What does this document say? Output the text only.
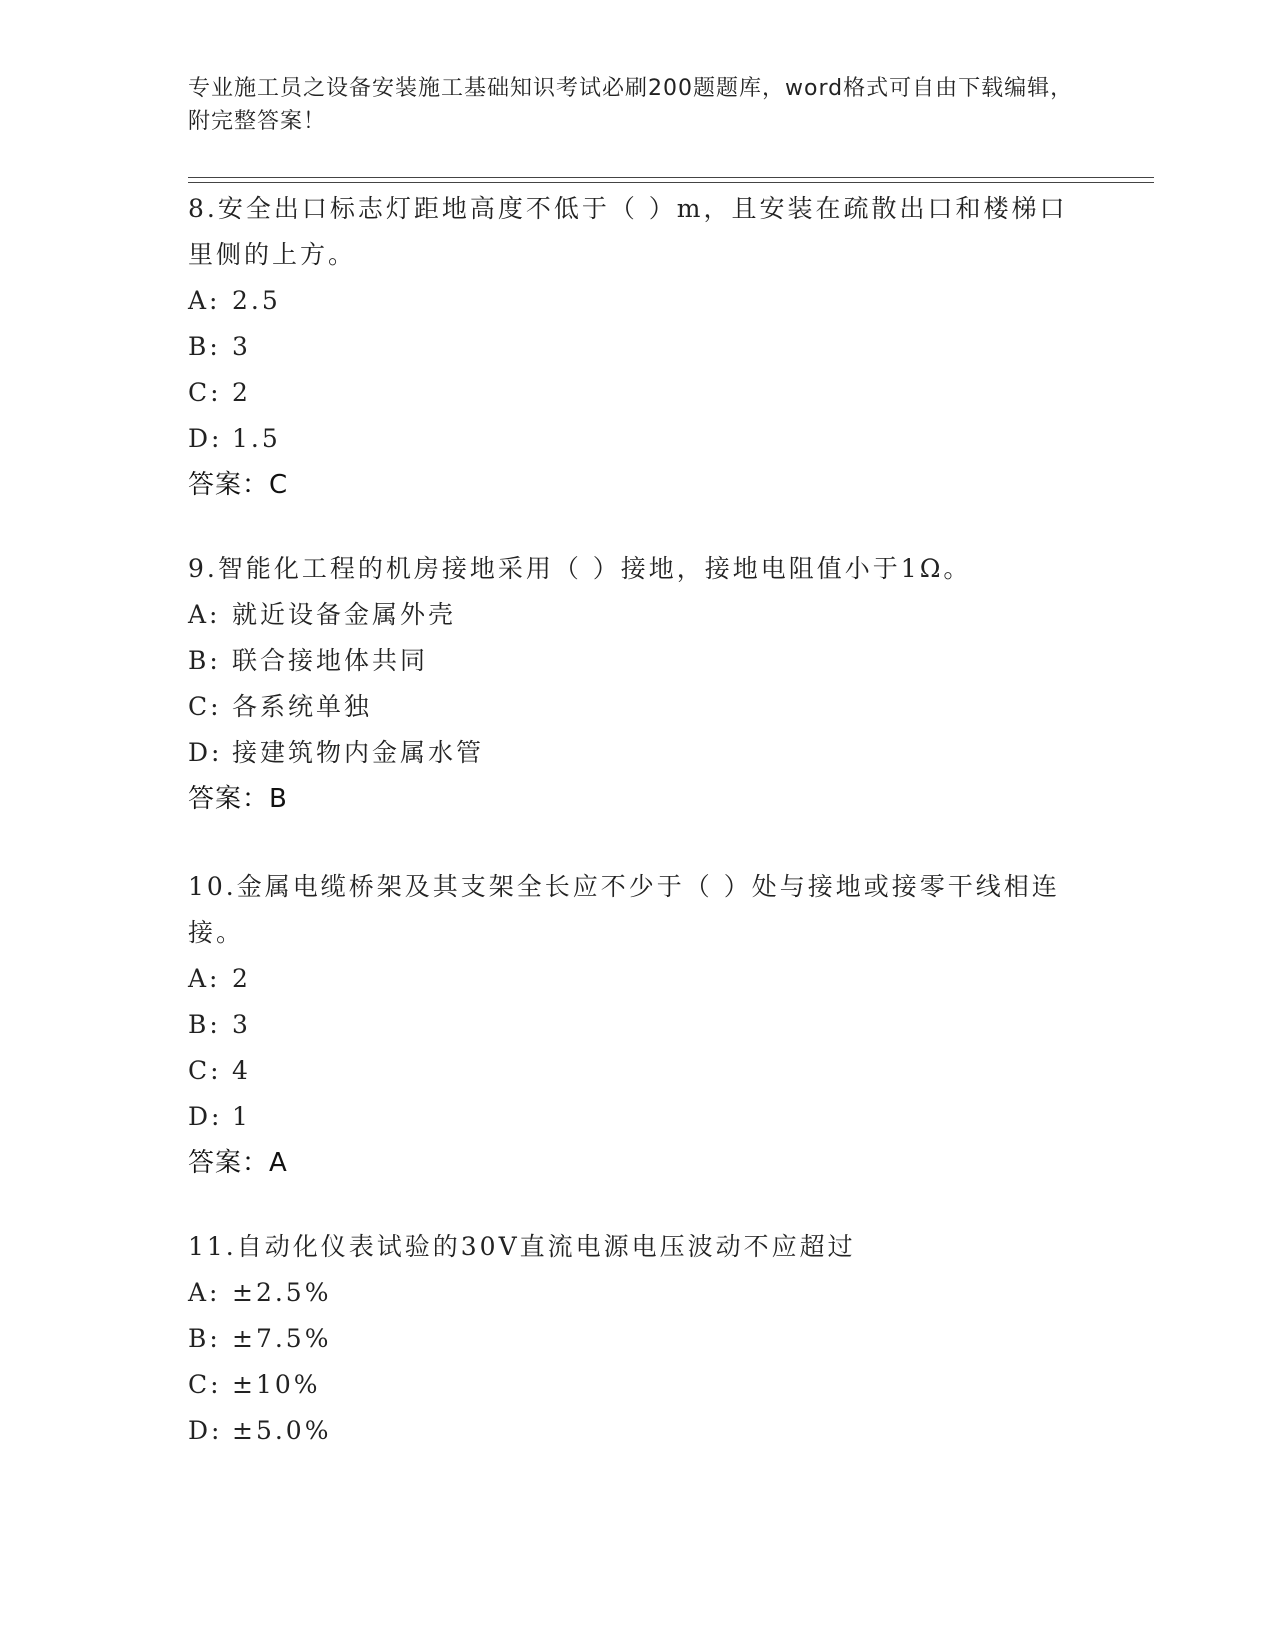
专业施工员之设备安装施工基础知识考试必刷200题题库，word格式可自由下载编辑，附完整答案！
8.安全出口标志灯距地高度不低于（ ）m，且安装在疏散出口和楼梯口里侧的上方。
A: 2.5
B: 3
C: 2
D: 1.5
答案：C
9.智能化工程的机房接地采用（ ）接地，接地电阻值小于1Ω。
A: 就近设备金属外壳
B: 联合接地体共同
C: 各系统单独
D: 接建筑物内金属水管
答案：B
10.金属电缆桥架及其支架全长应不少于（ ）处与接地或接零干线相连接。
A: 2
B: 3
C: 4
D: 1
答案：A
11.自动化仪表试验的30V直流电源电压波动不应超过
A: ±2.5%
B: ±7.5%
C: ±10%
D: ±5.0%
